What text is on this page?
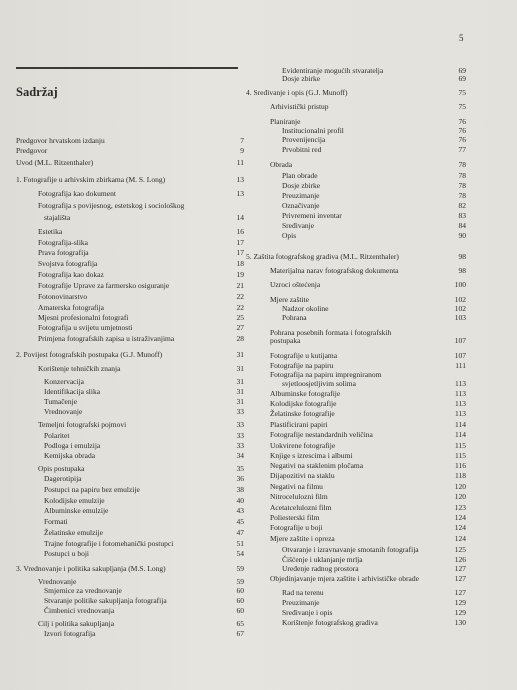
5
Sadržaj
Predgovor hrvatskom izdanju	7
Predgovor	9
Uvod (M.L. Ritzenthaler)	11
1. Fotografije u arhivskim zbirkama (M. S. Long)	13
Fotografija kao dokument	13
Fotografija s povijesnog, estetskog i sociološkog
stajališta	14
Estetika	16
Fotografija-slika	17
Prava fotografija	17
Svojstva fotografija	18
Fotografija kao dokaz	19
Fotografije Uprave za farmersko osiguranje	21
Fotonovinarstvo	22
Amaterska fotografija	22
Mjesni profesionalni fotografi	25
Fotografija u svijetu umjetnosti	27
Primjena fotografskih zapisa u istraživanjima	28
2. Povijest fotografskih postupaka (G.J. Munoff)	31
Korištenje tehničkih znanja	31
Konzervacija	31
Identifikacija slika	31
Tumačenje	31
Vrednovanje	33
Temeljni fotografski pojmovi	33
Polaritet	33
Podloga i emulzija	33
Kemijska obrada	34
Opis postupaka	35
Dagerotipija	36
Postupci na papiru bez emulzije	38
Kolodijske emulzije	40
Albuminske emulzije	43
Formati	45
Želatinske emulzije	47
Trajne fotografije i fotomehanički postupci	51
Postupci u boji	54
3. Vrednovanje i politika sakupljanja (M.S. Long)	59
Vrednovanje	59
Smjernice za vrednovanje	60
Stvaranje politike sakupljanja fotografija	60
Čimbenici vrednovanja	60
Cilj i politika sakupljanja	65
Izvori fotografija	67
Evidentiranje mogućih stvaratelja	69
Dosje zbirke	69
4. Sređivanje i opis (G.J. Munoff)	75
Arhivistički pristup	75
Planiranje	76
Institucionalni profil	76
Provenijencija	76
Prvobitni red	77
Obrada	78
Plan obrade	78
Dosje zbirke	78
Preuzimanje	78
Označivanje	82
Privremeni inventar	83
Sređivanje	84
Opis	90
5. Zaštita fotografskog gradiva (M.L. Ritzenthaler)	98
Materijalna narav fotografskog dokumenta	98
Uzroci oštećenja	100
Mjere zaštite	102
Nadzor okoline	102
Pohrana	103
Pohrana posebnih formata i fotografskih
postupaka	107
Fotografije u kutijama	107
Fotografije na papiru	111
Fotografija na papiru impregniranom
svjetloosjetljivim solima	113
Albuminske fotografije	113
Kolodijske fotografije	113
Želatinske fotografije	113
Plastificirani papiri	114
Fotografije nestandardnih veličina	114
Uokvirene fotografije	115
Knjige s izrescima i albumi	115
Negativi na staklenim pločama	116
Dijapozitivi na staklu	118
Negativi na filmu	120
Nitroceluloznі film	120
Acetatcelulozni film	123
Poliesterski film	124
Fotografije u boji	124
Mjere zaštite i opreza	124
Otvaranje i izravnavanje smotanih fotografija	125
Čišćenje i uklanjanje mrlja	126
Uređenje radnog prostora	127
Objedinjavanje mjera zaštite i arhivističke obrade	127
Rad na terenu	127
Preuzimanje	129
Sređivanje i opis	129
Korištenje fotografskog gradiva	130
